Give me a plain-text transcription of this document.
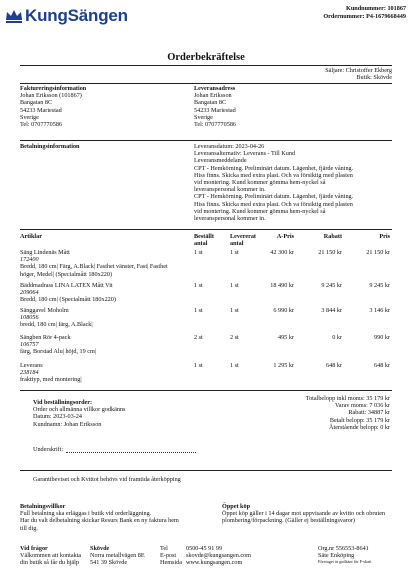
KungSängen	Kundnummer: 101867
Ordernummer: P4-1679668449
Orderbekräftelse
Säljare: Christoffer Ekberg
Butik: Skövde
Faktureringsinformation
Johan Eriksson (101867)
Bangatan 8C
54233 Mariestad
Sverige
Tel: 0707770586
Leveransadress
Johan Eriksson
Bangatan 8C
54233 Mariestad
Sverige
Tel: 0707770586
Betalningsinformation	Leveransdatum: 2023-04-26
Leveransalternativ: Leverans - Till Kund
Leveransmeddelande
CPT - Hemkörning. Preliminärt datum. Lägenhet, fjärde våning.
Hiss finns. Skicka med extra plast. Och va försiktig med plasten
vid montering. Kund kommer gömma hem-nyckel så
leveranspersonal kommer in.
CPT - Hemkörning. Preliminärt datum. Lägenhet, fjärde våning.
Hiss finns. Skicka med extra plast. Och va försiktig med plasten
vid montering. Kund kommer gömma hem-nyckel så
leveranspersonal kommer in.
Artiklar	Beställt
antal
Levererat
antal
A-Pris	Rabatt	Pris
Säng Lindenäs Mått
172400
Bredd, 180 cm| Färg, A.Black| Fasthet vänster, Fast| Fasthet
höger, Medel| (Specialmått 180x220)
1 st	1 st	42 300 kr	21 150 kr	21 150 kr
Bäddmadrass LINA LATEX Mått Vit
209064
Bredd, 180 cm| (Specialmått 180x220)
1 st	1 st	18 490 kr	9 245 kr	9 245 kr
Sänggavel Moholm
108056
bredd, 180 cm| färg, A.Black|
1 st	1 st	6 990 kr	3 844 kr	3 146 kr
Sängben Rör 4-pack
106757
färg, Borstad Alu| höjd, 19 cm|
2 st	2 st	495 kr	0 kr	990 kr
Leverans
238184
frakttyp, med montering|
1 st	1 st	1 295 kr	648 kr	648 kr
Vid beställningsorder:
Order och allmänna villkor godkänns
Datum: 2023-03-24
Kundnamn: Johan Eriksson
Totalbelopp inkl moms: 35 179 kr
Varav moms: 7 036 kr
Rabatt: 34887 kr
Betalt belopp: 35 179 kr
Återstående belopp: 0 kr
Underskrift:
Garantibeviset och Kvittot behövs vid framtida återköpping
Betalningsvillkor
Full betalning ska erläggas i butik vid orderläggning.
Har du valt delbetalning skickar Resurs Bank en ny faktura hem
till dig.
Öppet köp
Öppet köp gäller i 14 dagar mot uppvisande av kvitto och obruten
plombering/förpackning. (Gäller ej beställningsvaror)
Vid frågor
Välkommen att kontakta
din butik så får du hjälp
Skövde
Norra metallvägen 8E
541 39 Skövde
Tel
E-post
Hemsida
0500-45 91 99
skovde@kungsangen.com
www.kungsangen.com
Org.nr 556553-8641
Säte Enköping
Företaget är godkänt för F-skatt
